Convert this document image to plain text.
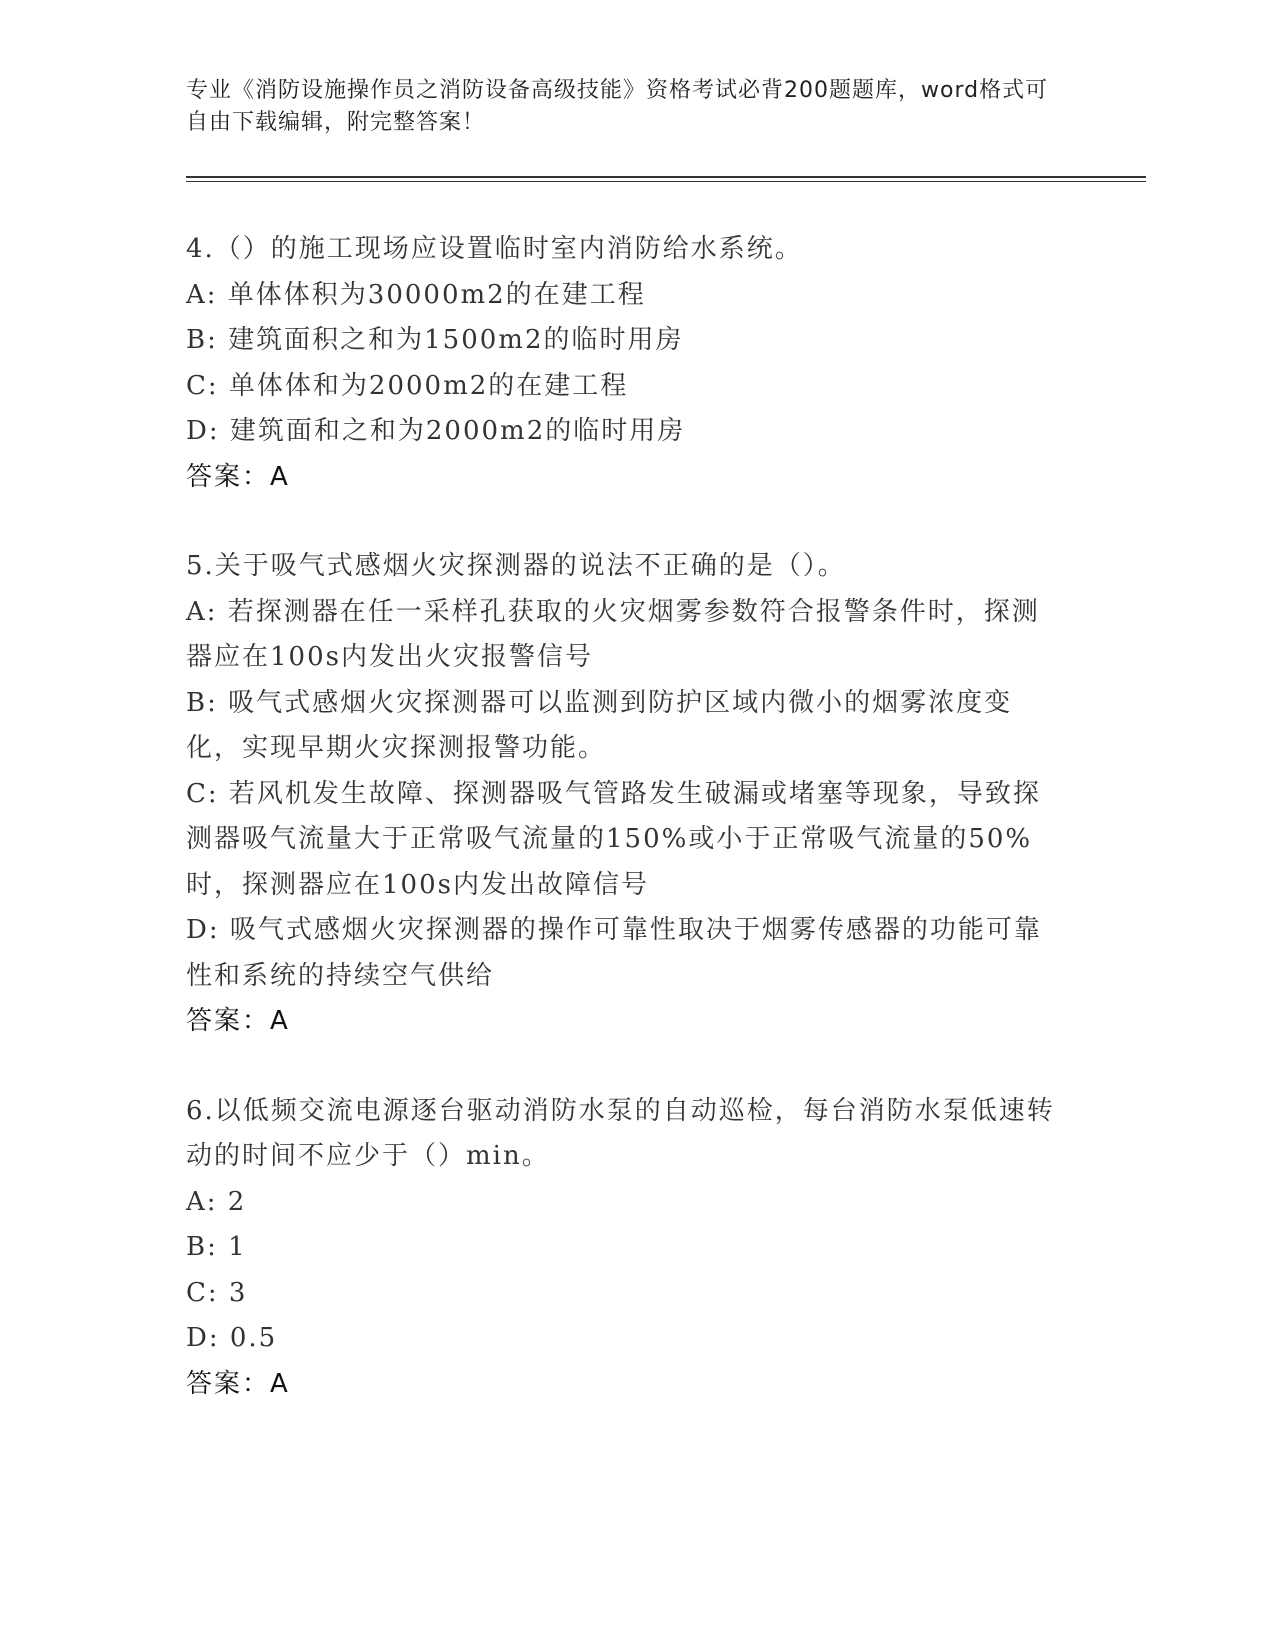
专业《消防设施操作员之消防设备高级技能》资格考试必背200题题库，word格式可自由下载编辑，附完整答案！
4.（）的施工现场应设置临时室内消防给水系统。
A: 单体体积为30000m2的在建工程
B: 建筑面积之和为1500m2的临时用房
C: 单体体和为2000m2的在建工程
D: 建筑面和之和为2000m2的临时用房
答案：A
5.关于吸气式感烟火灾探测器的说法不正确的是（）。
A: 若探测器在任一采样孔获取的火灾烟雾参数符合报警条件时，探测器应在100s内发出火灾报警信号
B: 吸气式感烟火灾探测器可以监测到防护区域内微小的烟雾浓度变化，实现早期火灾探测报警功能。
C: 若风机发生故障、探测器吸气管路发生破漏或堵塞等现象，导致探测器吸气流量大于正常吸气流量的150%或小于正常吸气流量的50%时，探测器应在100s内发出故障信号
D: 吸气式感烟火灾探测器的操作可靠性取决于烟雾传感器的功能可靠性和系统的持续空气供给
答案：A
6.以低频交流电源逐台驱动消防水泵的自动巡检，每台消防水泵低速转动的时间不应少于（）min。
A: 2
B: 1
C: 3
D: 0.5
答案：A
